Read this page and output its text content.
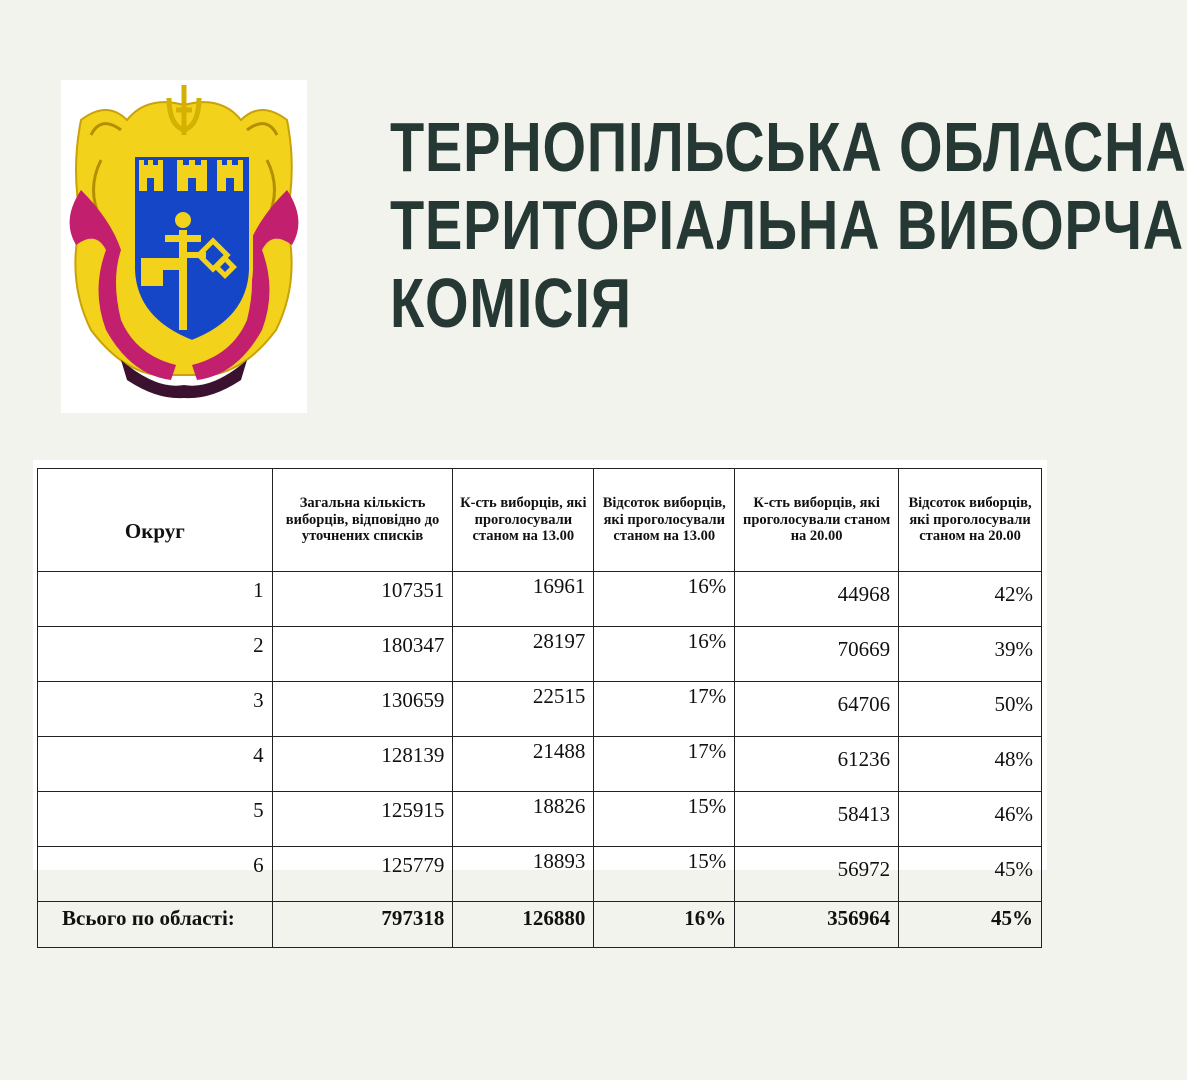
ТЕРНОПІЛЬСЬКА ОБЛАСНА
ТЕРИТОРІАЛЬНА ВИБОРЧА
КОМІСІЯ
Округ	Загальна кількість виборців, відповідно до уточнених списків	К-сть виборців, які проголосували станом на 13.00	Відсоток виборців, які проголосували станом на 13.00	К-сть виборців, які проголосували станом на 20.00	Відсоток виборців, які проголосували станом на 20.00
1	107351	16961	16%	44968	42%
2	180347	28197	16%	70669	39%
3	130659	22515	17%	64706	50%
4	128139	21488	17%	61236	48%
5	125915	18826	15%	58413	46%
6	125779	18893	15%	56972	45%
Всього по області:	797318	126880	16%	356964	45%
